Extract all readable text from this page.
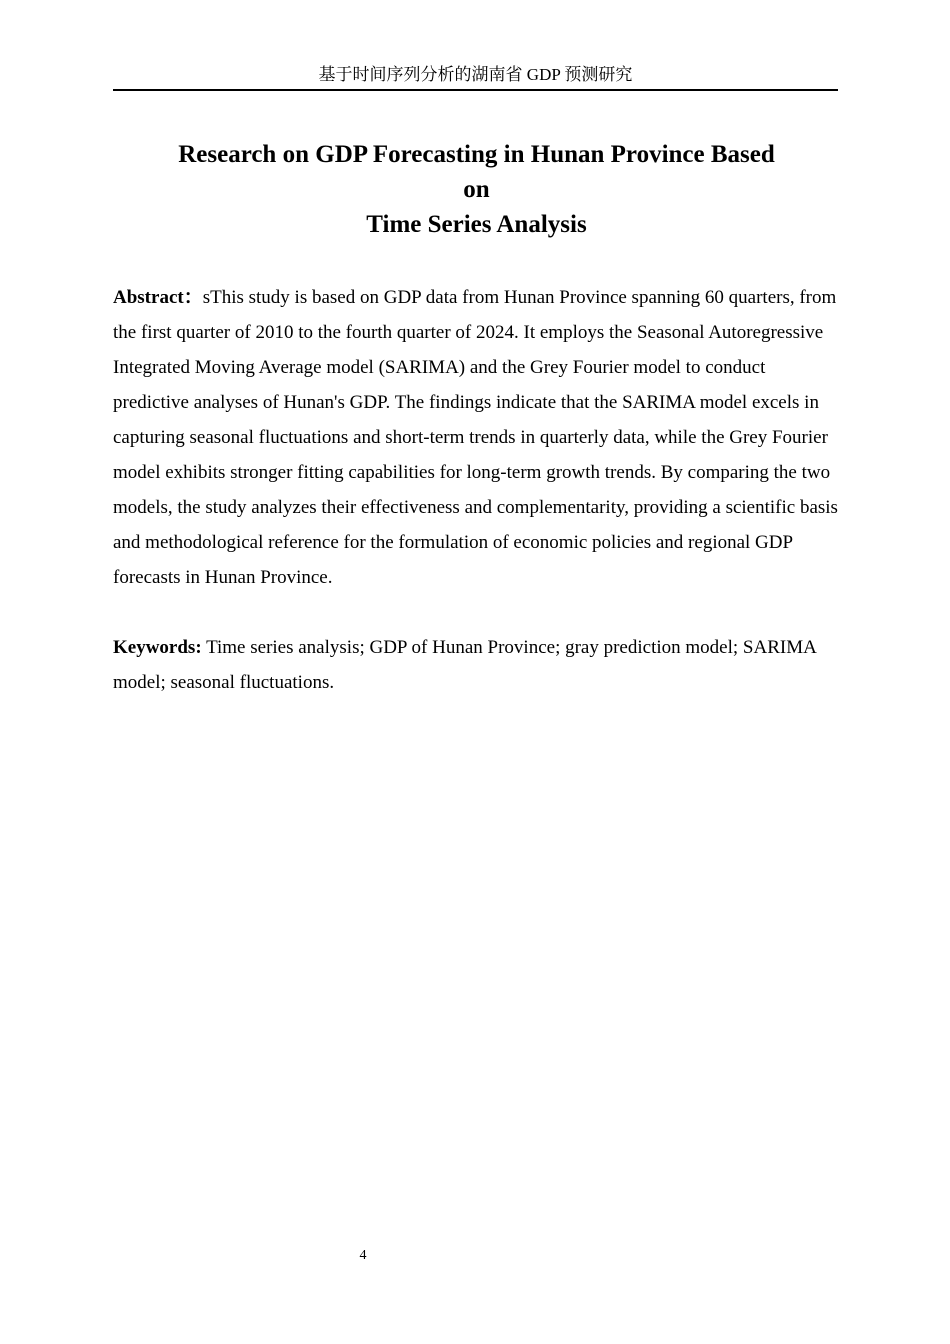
基于时间序列分析的湖南省 GDP 预测研究
Research on GDP Forecasting in Hunan Province Based
on
Time Series Analysis

Abstract：sThis study is based on GDP data from Hunan Province spanning 60 quarters, from the first quarter of 2010 to the fourth quarter of 2024. It employs the Seasonal Autoregressive Integrated Moving Average model (SARIMA) and the Grey Fourier model to conduct predictive analyses of Hunan's GDP. The findings indicate that the SARIMA model excels in capturing seasonal fluctuations and short-term trends in quarterly data, while the Grey Fourier model exhibits stronger fitting capabilities for long-term growth trends. By comparing the two models, the study analyzes their effectiveness and complementarity, providing a scientific basis and methodological reference for the formulation of economic policies and regional GDP forecasts in Hunan Province.

Keywords: Time series analysis; GDP of Hunan Province; gray prediction model; SARIMA model; seasonal fluctuations.

4
